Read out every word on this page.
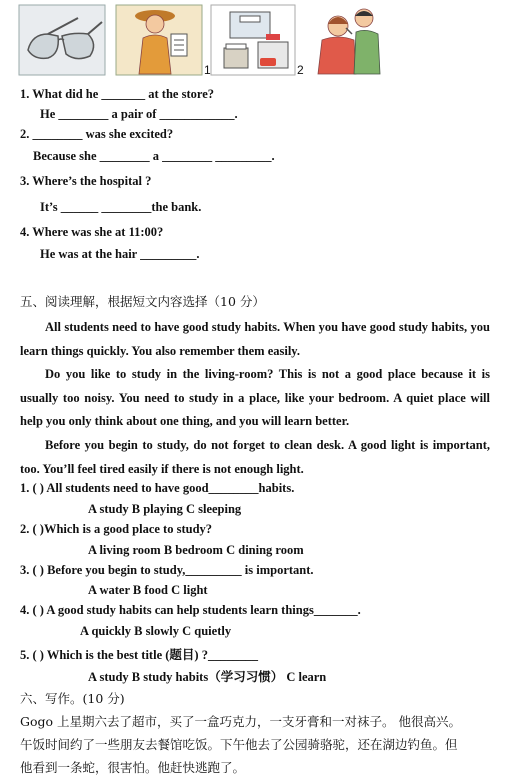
1	2
1. What did he _______ at the store?
He ________ a pair of ____________.
2. ________ was she excited?
Because she ________ a ________ _________.
3. Where’s the hospital ?
It’s ______ ________the bank.
4. Where was she at 11:00?
He was at the hair _________.
五、阅读理解，根据短文内容选择（10 分）
All students need to have good study habits. When you have good study habits, you learn things quickly. You also remember them easily.
Do you like to study in the living-room? This is not a good place because it is usually too noisy. You need to study in a place, like your bedroom. A quiet place will help you only think about one thing, and you will learn better.
Before you begin to study, do not forget to clean desk. A good light is important, too. You’ll feel tired easily if there is not enough light.
1. ( ) All students need to have good________habits.
A study B playing C sleeping
2. ( )Which is a good place to study?
A living room B bedroom C dining room
3. ( ) Before you begin to study,_________ is important.
A water B food C light
4. ( ) A good study habits can help students learn things_______.
A quickly B slowly C quietly
5. ( ) Which is the best title (题目) ?________
A study B study habits（学习习惯） C learn
六、写作。(10 分)
Gogo 上星期六去了超市，买了一盒巧克力，一支牙膏和一对袜子。 他很高兴。
午饭时间约了一些朋友去餐馆吃饭。下午他去了公园骑骆驼，还在湖边钓鱼。但
他看到一条蛇，很害怕。他赶快逃跑了。
